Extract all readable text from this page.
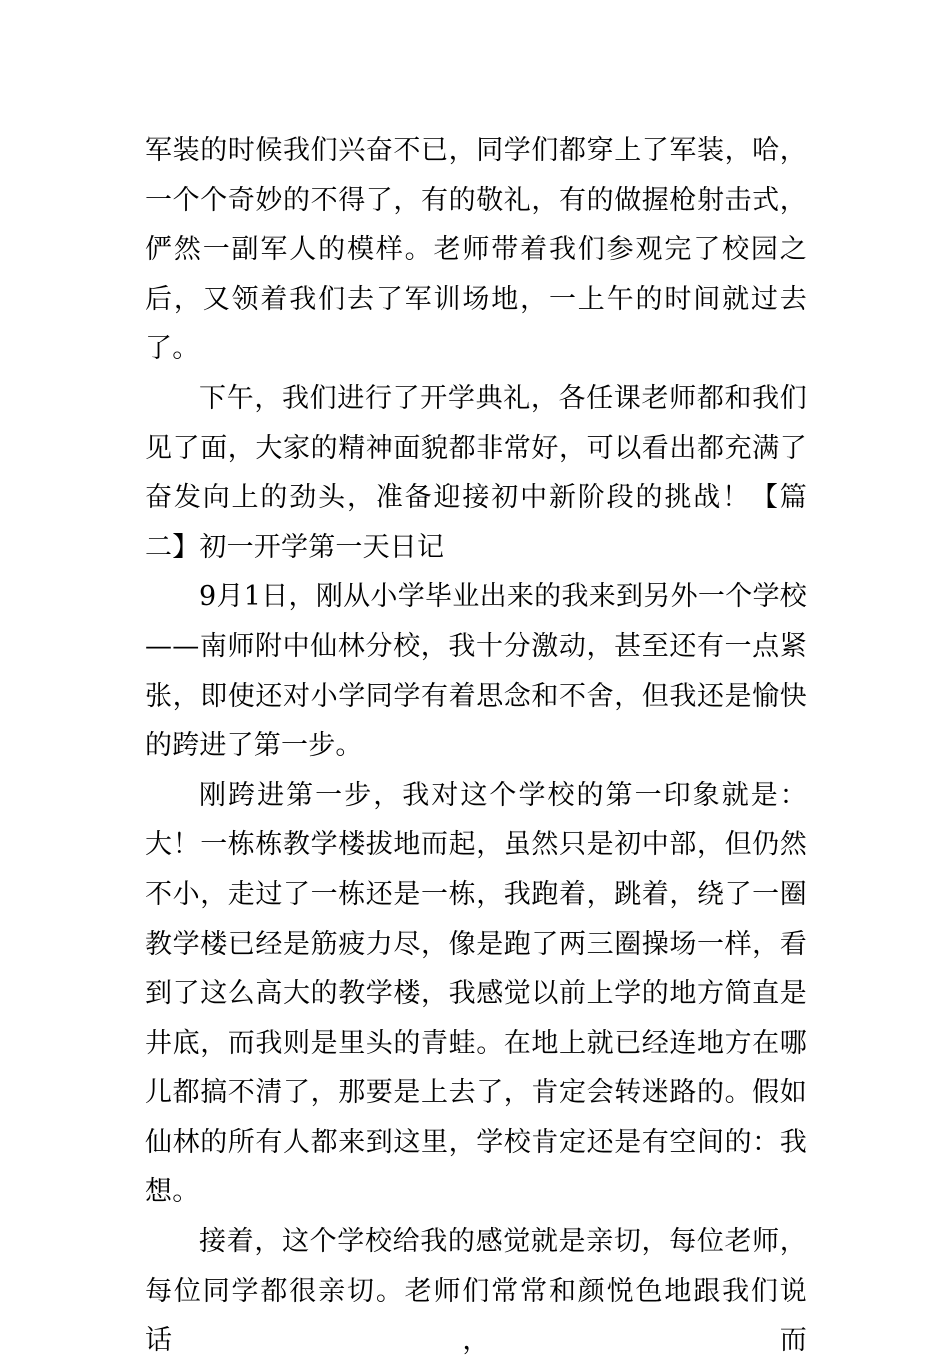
军装的时候我们兴奋不已，同学们都穿上了军装，哈，一个个奇妙的不得了，有的敬礼，有的做握枪射击式，俨然一副军人的模样。老师带着我们参观完了校园之后，又领着我们去了军训场地，一上午的时间就过去了。

下午，我们进行了开学典礼，各任课老师都和我们见了面，大家的精神面貌都非常好，可以看出都充满了奋发向上的劲头，准备迎接初中新阶段的挑战！【篇二】初一开学第一天日记

9月1日，刚从小学毕业出来的我来到另外一个学校——南师附中仙林分校，我十分激动，甚至还有一点紧张，即使还对小学同学有着思念和不舍，但我还是愉快的跨进了第一步。

刚跨进第一步，我对这个学校的第一印象就是：大！一栋栋教学楼拔地而起，虽然只是初中部，但仍然不小，走过了一栋还是一栋，我跑着，跳着，绕了一圈教学楼已经是筋疲力尽，像是跑了两三圈操场一样，看到了这么高大的教学楼，我感觉以前上学的地方简直是井底，而我则是里头的青蛙。在地上就已经连地方在哪儿都搞不清了，那要是上去了，肯定会转迷路的。假如仙林的所有人都来到这里，学校肯定还是有空间的：我想。

接着，这个学校给我的感觉就是亲切，每位老师，每位同学都很亲切。老师们常常和颜悦色地跟我们说话，而
